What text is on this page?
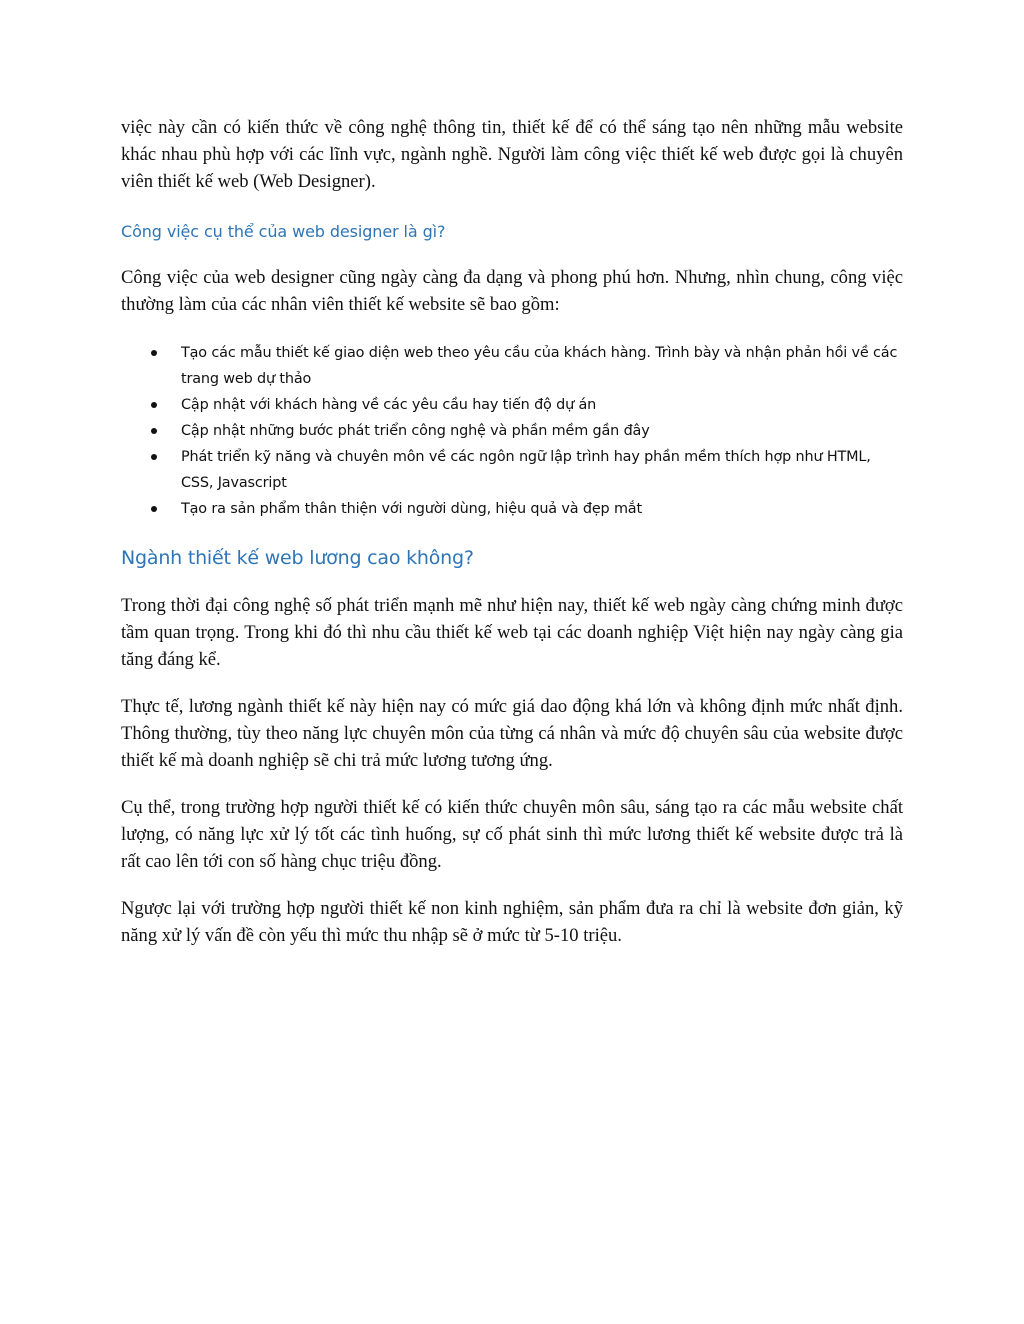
việc này cần có kiến thức về công nghệ thông tin, thiết kế để có thể sáng tạo nên những mẫu website khác nhau phù hợp với các lĩnh vực, ngành nghề. Người làm công việc thiết kế web được gọi là chuyên viên thiết kế web (Web Designer).

Công việc cụ thể của web designer là gì?

Công việc của web designer cũng ngày càng đa dạng và phong phú hơn. Nhưng, nhìn chung, công việc thường làm của các nhân viên thiết kế website sẽ bao gồm:

Tạo các mẫu thiết kế giao diện web theo yêu cầu của khách hàng. Trình bày và nhận phản hồi về các trang web dự thảo
Cập nhật với khách hàng về các yêu cầu hay tiến độ dự án
Cập nhật những bước phát triển công nghệ và phần mềm gần đây
Phát triển kỹ năng và chuyên môn về các ngôn ngữ lập trình hay phần mềm thích hợp như HTML, CSS, Javascript
Tạo ra sản phẩm thân thiện với người dùng, hiệu quả và đẹp mắt
Ngành thiết kế web lương cao không?

Trong thời đại công nghệ số phát triển mạnh mẽ như hiện nay, thiết kế web ngày càng chứng minh được tầm quan trọng. Trong khi đó thì nhu cầu thiết kế web tại các doanh nghiệp Việt hiện nay ngày càng gia tăng đáng kể.

Thực tế, lương ngành thiết kế này hiện nay có mức giá dao động khá lớn và không định mức nhất định. Thông thường, tùy theo năng lực chuyên môn của từng cá nhân và mức độ chuyên sâu của website được thiết kế mà doanh nghiệp sẽ chi trả mức lương tương ứng.

Cụ thể, trong trường hợp người thiết kế có kiến thức chuyên môn sâu, sáng tạo ra các mẫu website chất lượng, có năng lực xử lý tốt các tình huống, sự cố phát sinh thì mức lương thiết kế website được trả là rất cao lên tới con số hàng chục triệu đồng.

Ngược lại với trường hợp người thiết kế non kinh nghiệm, sản phẩm đưa ra chỉ là website đơn giản, kỹ năng xử lý vấn đề còn yếu thì mức thu nhập sẽ ở mức từ 5-10 triệu.
